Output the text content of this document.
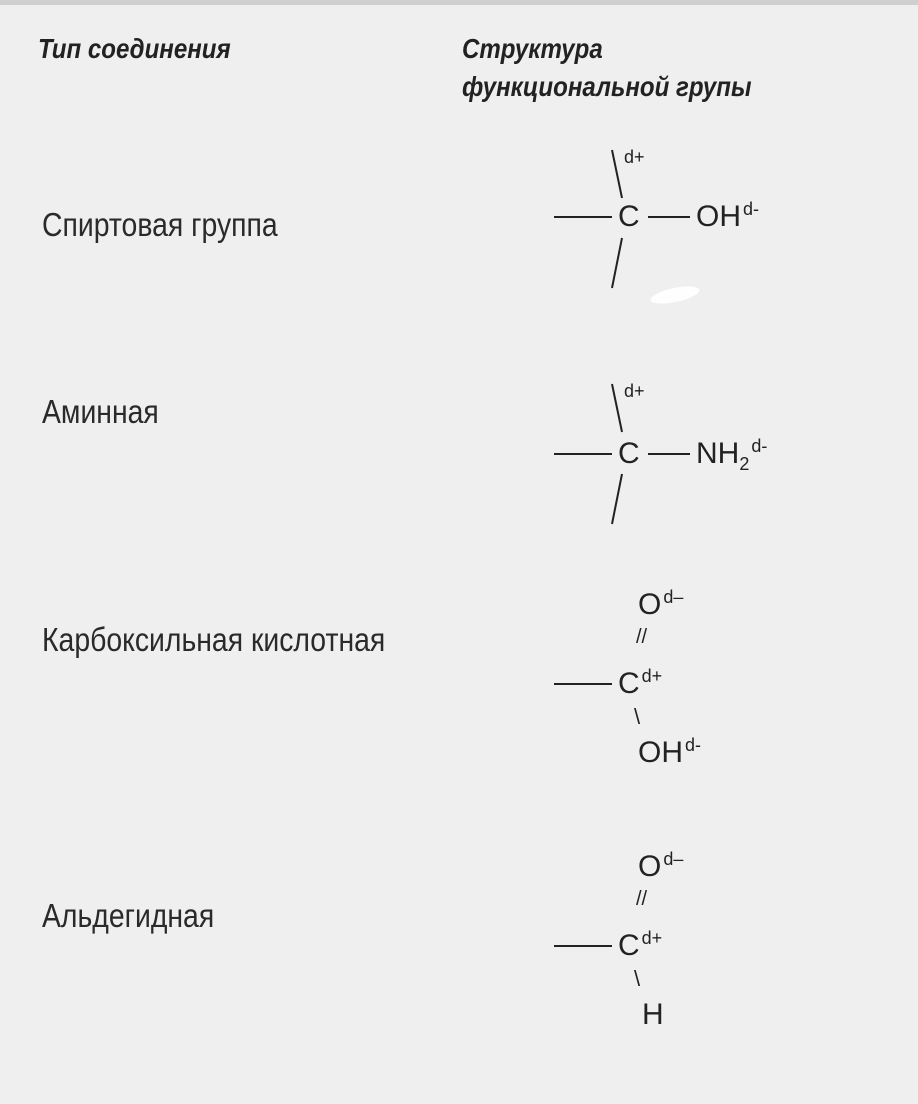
Тип соединения	Структура
функциональной групы
Спиртовая группа
d+
C OH $^{d-}$
Аминная
d+
C $NH_2^{d-}$
Карбоксильная кислотная
O $^{d-}$
//
C $^{d+}$
\
OH $^{d-}$
Альдегидная
O $^{d-}$
//
C $^{d+}$
\
H
